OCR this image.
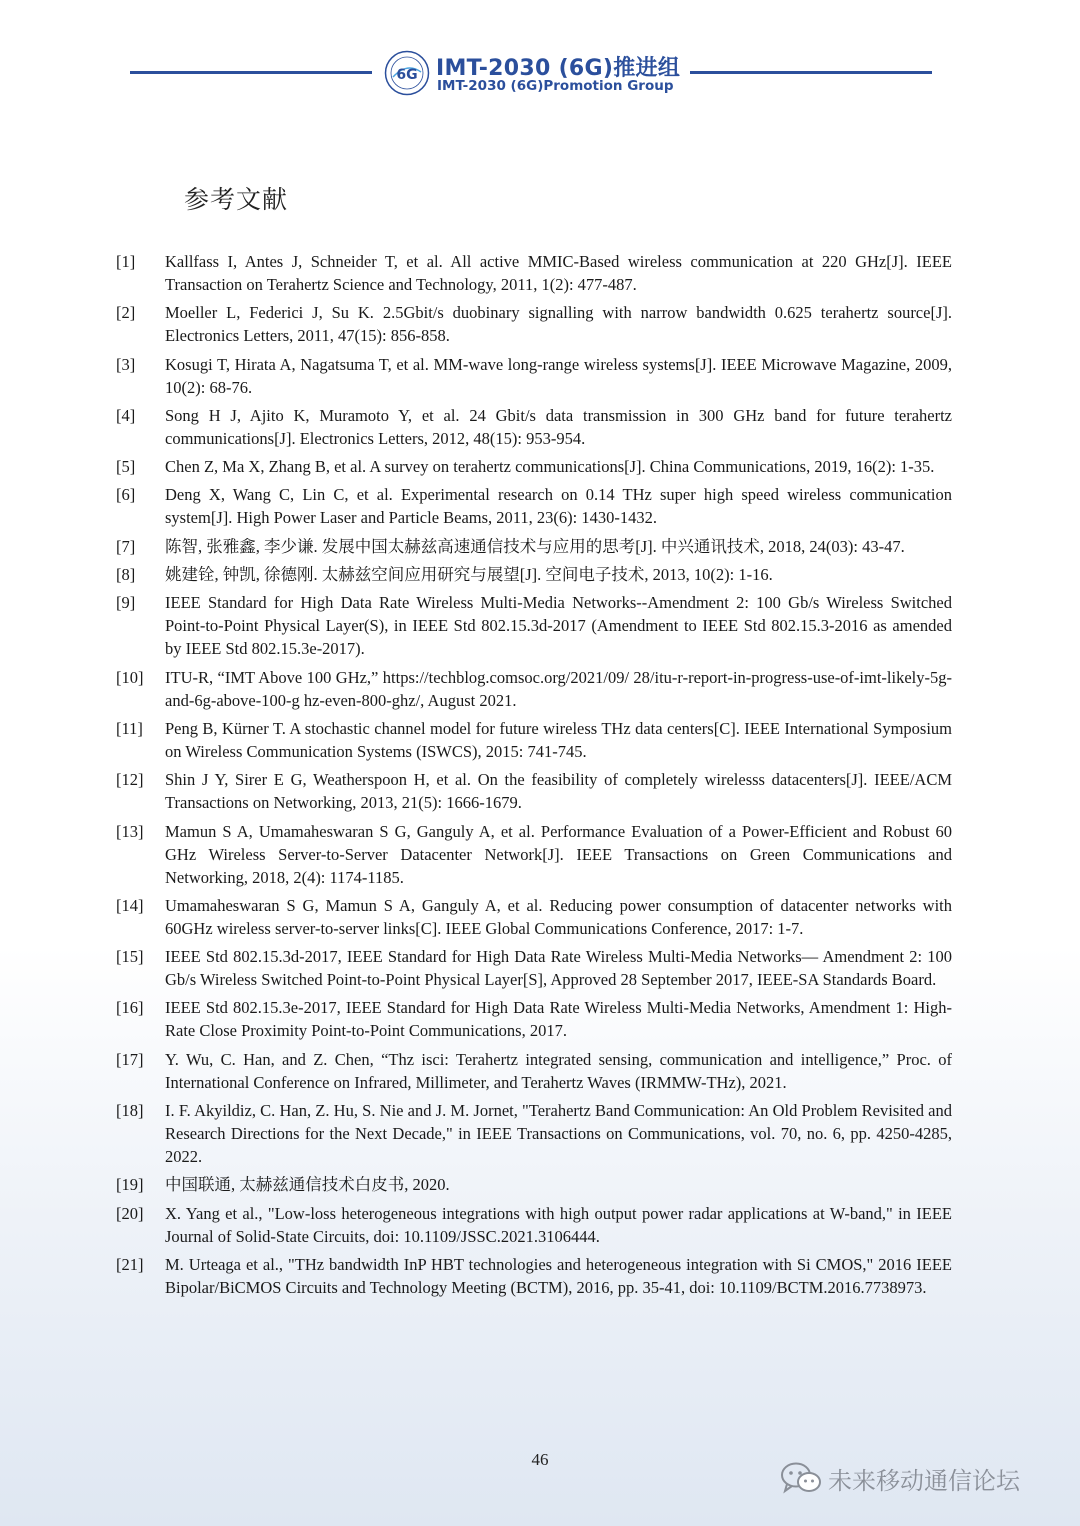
6G IMT-2030 (6G)推进组
IMT-2030 (6G)Promotion Group
参考文献
[1]	Kallfass I, Antes J, Schneider T, et al. All active MMIC-Based wireless communication at 220 GHz[J]. IEEE Transaction on Terahertz Science and Technology, 2011, 1(2): 477-487.
[2]	Moeller L, Federici J, Su K. 2.5Gbit/s duobinary signalling with narrow bandwidth 0.625 terahertz source[J]. Electronics Letters, 2011, 47(15): 856-858.
[3]	Kosugi T, Hirata A, Nagatsuma T, et al. MM-wave long-range wireless systems[J]. IEEE Microwave Magazine, 2009, 10(2): 68-76.
[4]	Song H J, Ajito K, Muramoto Y, et al. 24 Gbit/s data transmission in 300 GHz band for future terahertz communications[J]. Electronics Letters, 2012, 48(15): 953-954.
[5]	Chen Z, Ma X, Zhang B, et al. A survey on terahertz communications[J]. China Communications, 2019, 16(2): 1-35.
[6]	Deng X, Wang C, Lin C, et al. Experimental research on 0.14 THz super high speed wireless communication system[J]. High Power Laser and Particle Beams, 2011, 23(6): 1430-1432.
[7]	陈智, 张雅鑫, 李少谦. 发展中国太赫兹高速通信技术与应用的思考[J]. 中兴通讯技术, 2018, 24(03): 43-47.
[8]	姚建铨, 钟凯, 徐德刚. 太赫兹空间应用研究与展望[J]. 空间电子技术, 2013, 10(2): 1-16.
[9]	IEEE Standard for High Data Rate Wireless Multi-Media Networks--Amendment 2: 100 Gb/s Wireless Switched Point-to-Point Physical Layer(S), in IEEE Std 802.15.3d-2017 (Amendment to IEEE Std 802.15.3-2016 as amended by IEEE Std 802.15.3e-2017).
[10]	ITU-R, “IMT Above 100 GHz,” https://techblog.comsoc.org/2021/09/ 28/itu-r-report-in-progress-use-of-imt-likely-5g-and-6g-above-100-g hz-even-800-ghz/, August 2021.
[11]	Peng B, Kürner T. A stochastic channel model for future wireless THz data centers[C]. IEEE International Symposium on Wireless Communication Systems (ISWCS), 2015: 741-745.
[12]	Shin J Y, Sirer E G, Weatherspoon H, et al. On the feasibility of completely wirelesss datacenters[J]. IEEE/ACM Transactions on Networking, 2013, 21(5): 1666-1679.
[13]	Mamun S A, Umamaheswaran S G, Ganguly A, et al. Performance Evaluation of a Power-Efficient and Robust 60 GHz Wireless Server-to-Server Datacenter Network[J]. IEEE Transactions on Green Communications and Networking, 2018, 2(4): 1174-1185.
[14]	Umamaheswaran S G, Mamun S A, Ganguly A, et al. Reducing power consumption of datacenter networks with 60GHz wireless server-to-server links[C]. IEEE Global Communications Conference, 2017: 1-7.
[15]	IEEE Std 802.15.3d-2017, IEEE Standard for High Data Rate Wireless Multi-Media Networks— Amendment 2: 100 Gb/s Wireless Switched Point-to-Point Physical Layer[S], Approved 28 September 2017, IEEE-SA Standards Board.
[16]	IEEE Std 802.15.3e-2017, IEEE Standard for High Data Rate Wireless Multi-Media Networks, Amendment 1: High-Rate Close Proximity Point-to-Point Communications, 2017.
[17]	Y. Wu, C. Han, and Z. Chen, “Thz isci: Terahertz integrated sensing, communication and intelligence,” Proc. of International Conference on Infrared, Millimeter, and Terahertz Waves (IRMMW-THz), 2021.
[18]	I. F. Akyildiz, C. Han, Z. Hu, S. Nie and J. M. Jornet, "Terahertz Band Communication: An Old Problem Revisited and Research Directions for the Next Decade," in IEEE Transactions on Communications, vol. 70, no. 6, pp. 4250-4285, 2022.
[19]	中国联通, 太赫兹通信技术白皮书, 2020.
[20]	X. Yang et al., "Low-loss heterogeneous integrations with high output power radar applications at W-band," in IEEE Journal of Solid-State Circuits, doi: 10.1109/JSSC.2021.3106444.
[21]	M. Urteaga et al., "THz bandwidth InP HBT technologies and heterogeneous integration with Si CMOS," 2016 IEEE Bipolar/BiCMOS Circuits and Technology Meeting (BCTM), 2016, pp. 35-41, doi: 10.1109/BCTM.2016.7738973.
46
未来移动通信论坛
